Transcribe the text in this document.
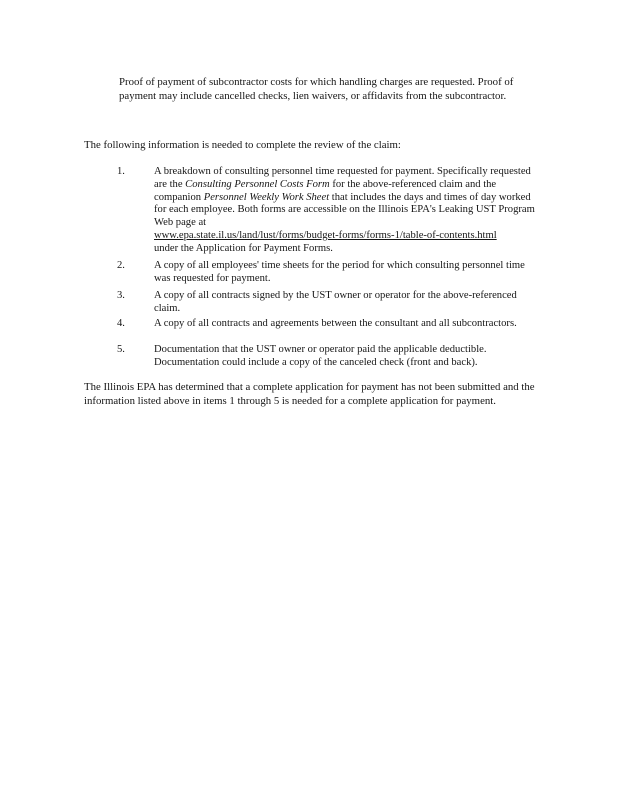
Proof of payment of subcontractor costs for which handling charges are requested. Proof of payment may include cancelled checks, lien waivers, or affidavits from the subcontractor.

The following information is needed to complete the review of the claim:

1.	A breakdown of consulting personnel time requested for payment. Specifically requested are the Consulting Personnel Costs Form for the above-referenced claim and the companion Personnel Weekly Work Sheet that includes the days and times of day worked for each employee. Both forms are accessible on the Illinois EPA's Leaking UST Program Web page at
www.epa.state.il.us/land/lust/forms/budget-forms/forms-1/table-of-contents.html
under the Application for Payment Forms.
2.	A copy of all employees' time sheets for the period for which consulting personnel time was requested for payment.
3.	A copy of all contracts signed by the UST owner or operator for the above-referenced claim.
4.	A copy of all contracts and agreements between the consultant and all subcontractors.
5.	Documentation that the UST owner or operator paid the applicable deductible. Documentation could include a copy of the canceled check (front and back).

The Illinois EPA has determined that a complete application for payment has not been submitted and the information listed above in items 1 through 5 is needed for a complete application for payment.
